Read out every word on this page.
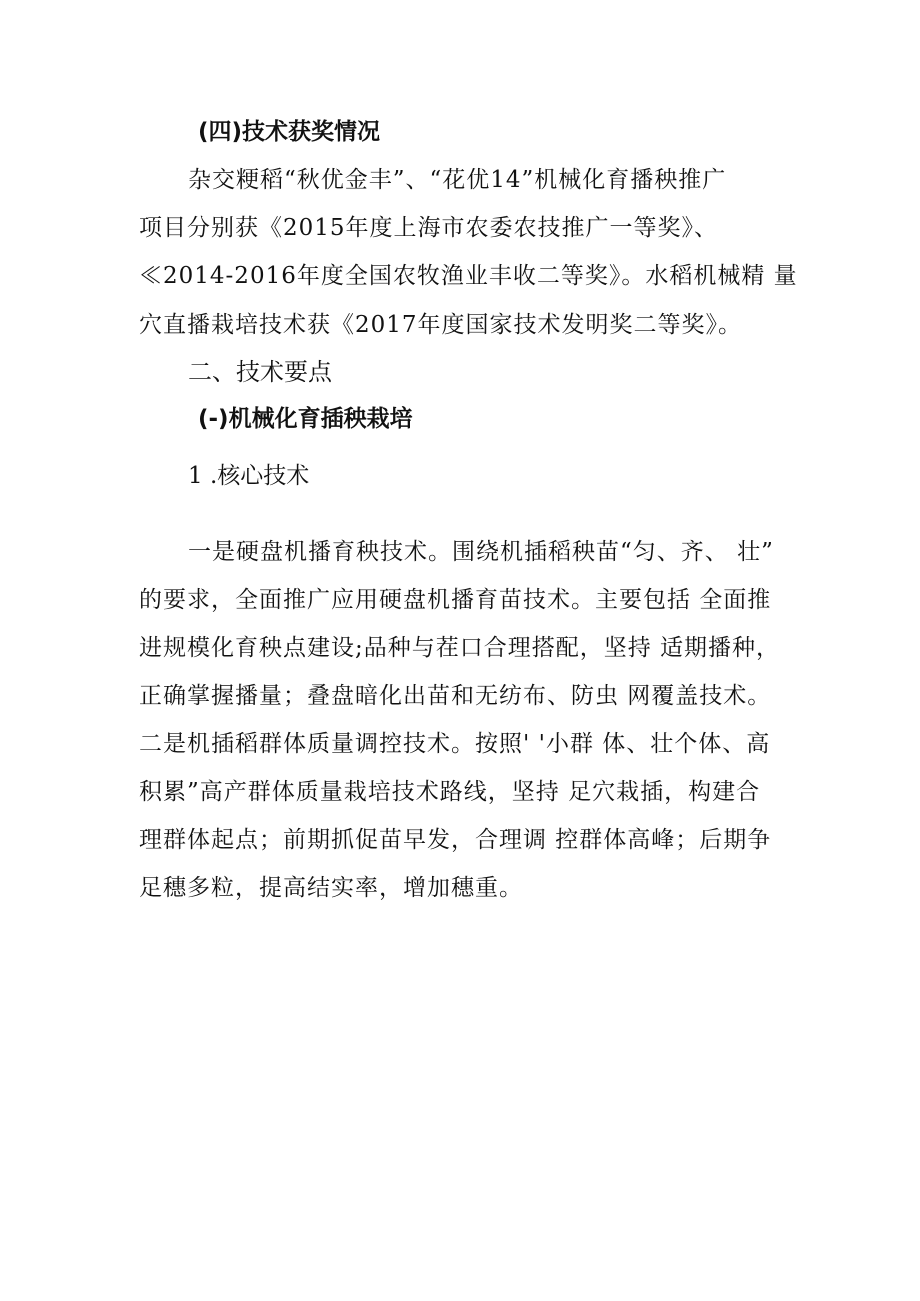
(四)技术获奖情况
杂交粳稻“秋优金丰”、“花优14”机械化育播秧推广
项目分别获《2015年度上海市农委农技推广一等奖》、
≪2014-2016年度全国农牧渔业丰收二等奖》。水稻机械精 量
穴直播栽培技术获《2017年度国家技术发明奖二等奖》。
二、技术要点
(-)机械化育插秧栽培
1 .核心技术
一是硬盘机播育秧技术。围绕机插稻秧苗“匀、齐、 壮”
的要求，全面推广应用硬盘机播育苗技术。主要包括 全面推
进规模化育秧点建设;品种与茬口合理搭配，坚持 适期播种，
正确掌握播量；叠盘暗化出苗和无纺布、防虫 网覆盖技术。
二是机插稻群体质量调控技术。按照' '小群 体、壮个体、高
积累”高产群体质量栽培技术路线，坚持 足穴栽插，构建合
理群体起点；前期抓促苗早发，合理调 控群体高峰；后期争
足穗多粒，提高结实率，增加穗重。
